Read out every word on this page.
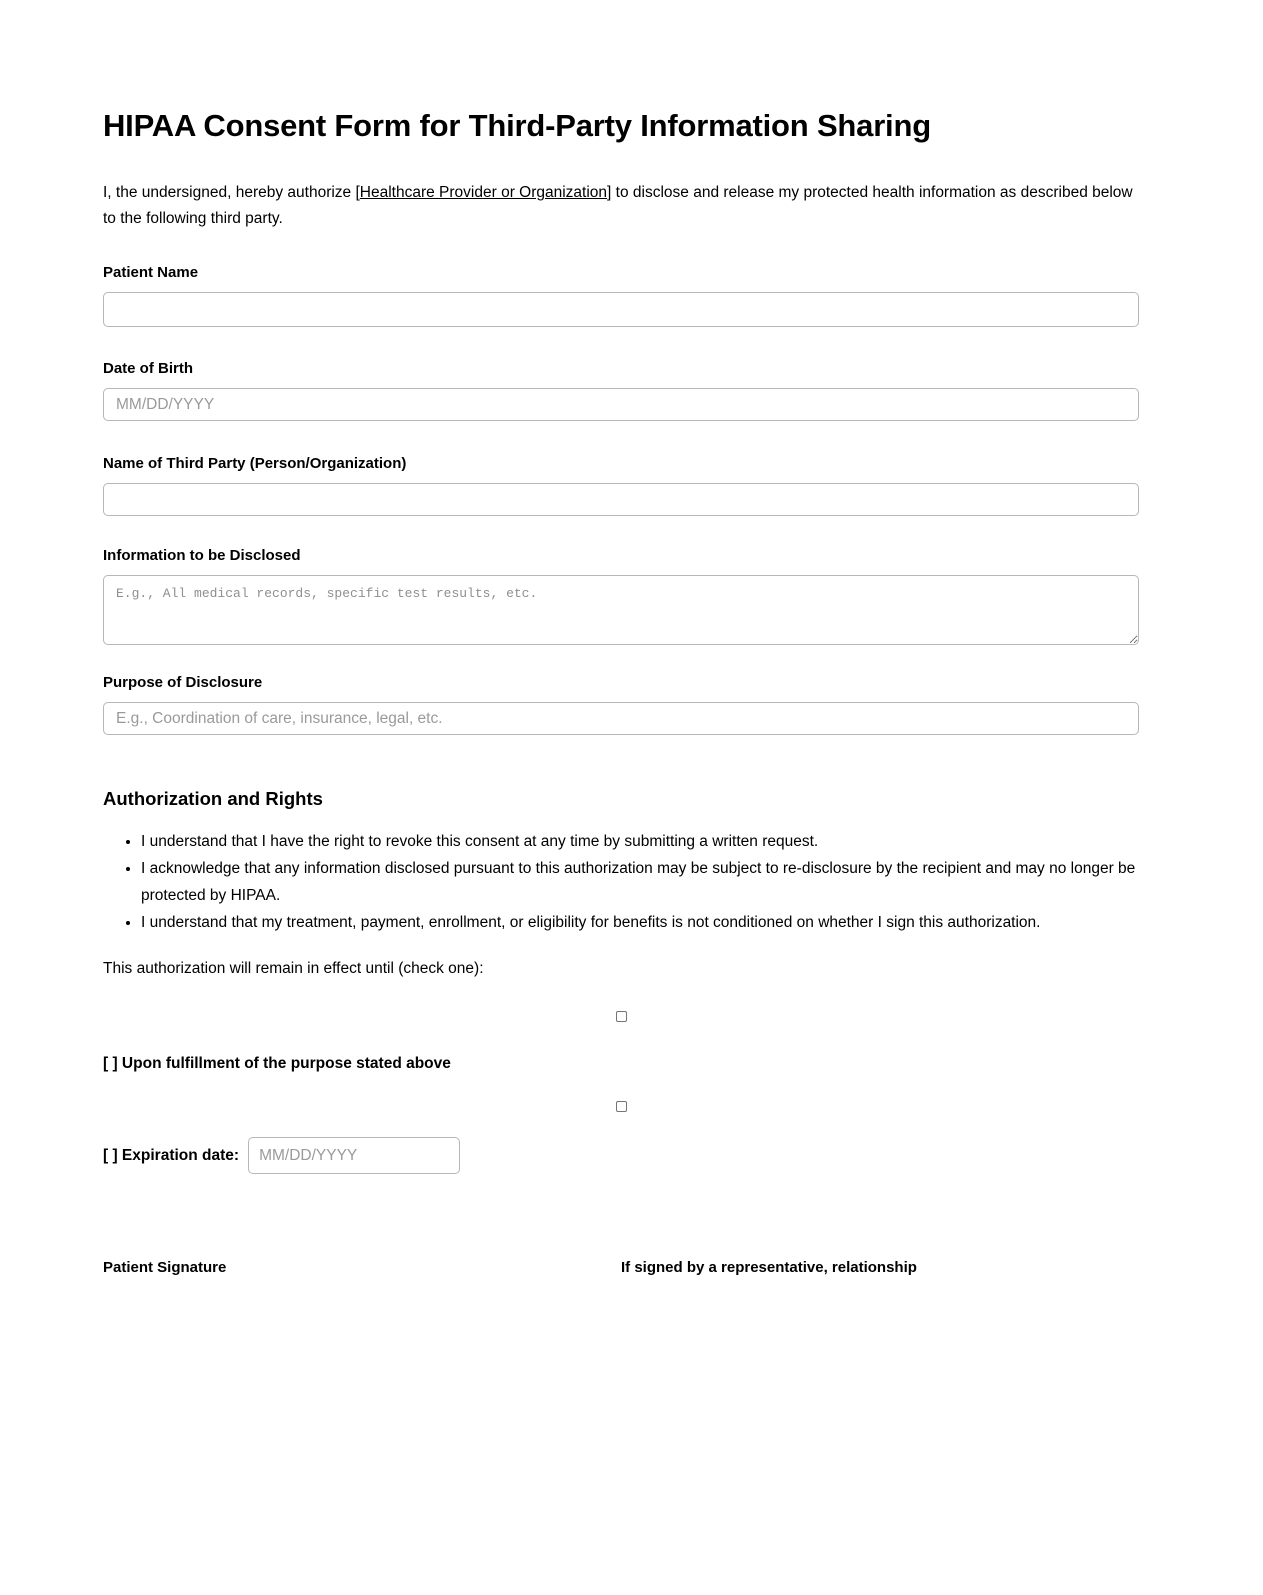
HIPAA Consent Form for Third-Party Information Sharing

I, the undersigned, hereby authorize [Healthcare Provider or Organization] to disclose and release my protected health information as described below to the following third party.

Patient Name
Date of Birth
MM/DD/YYYY
Name of Third Party (Person/Organization)
Information to be Disclosed
E.g., All medical records, specific test results, etc.
Purpose of Disclosure
E.g., Coordination of care, insurance, legal, etc.
Authorization and Rights
• I understand that I have the right to revoke this consent at any time by submitting a written request.
• I acknowledge that any information disclosed pursuant to this authorization may be subject to re-disclosure by the recipient and may no longer be protected by HIPAA.
• I understand that my treatment, payment, enrollment, or eligibility for benefits is not conditioned on whether I sign this authorization.

This authorization will remain in effect until (check one):

[ ] Upon fulfillment of the purpose stated above
[ ] Expiration date:
MM/DD/YYYY
Patient Signature	If signed by a representative, relationship
